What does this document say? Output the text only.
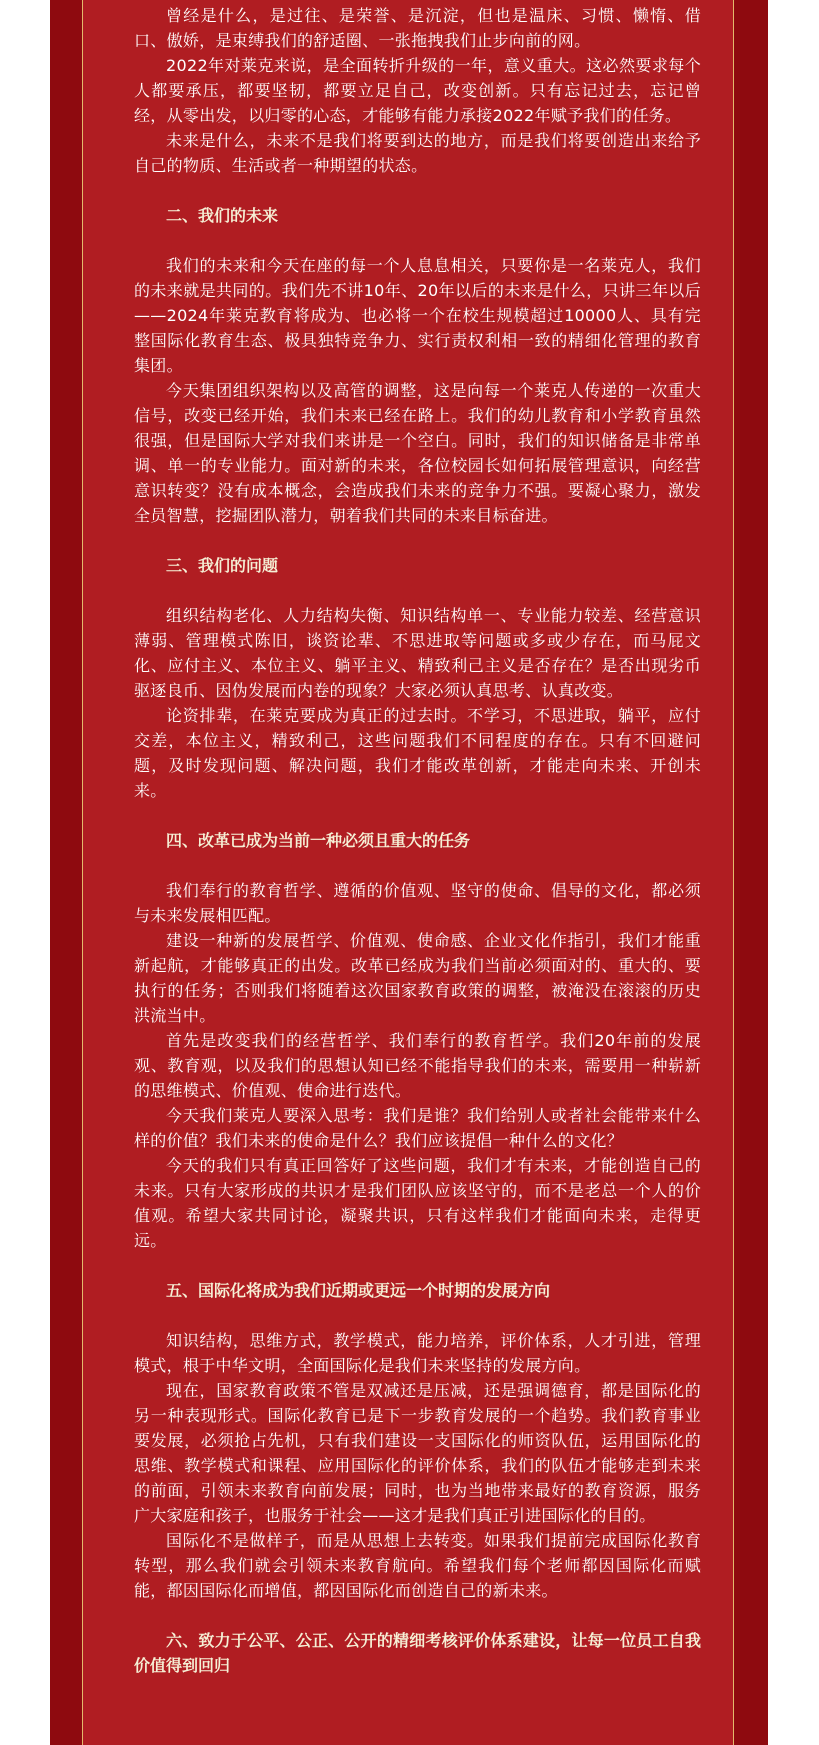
曾经是什么，是过往、是荣誉、是沉淀，但也是温床、习惯、懒惰、借口、傲娇，是束缚我们的舒适圈、一张拖拽我们止步向前的网。

2022年对莱克来说，是全面转折升级的一年，意义重大。这必然要求每个人都要承压，都要坚韧，都要立足自己，改变创新。只有忘记过去，忘记曾经，从零出发，以归零的心态，才能够有能力承接2022年赋予我们的任务。

未来是什么，未来不是我们将要到达的地方，而是我们将要创造出来给予自己的物质、生活或者一种期望的状态。

二、我们的未来

我们的未来和今天在座的每一个人息息相关，只要你是一名莱克人，我们的未来就是共同的。我们先不讲10年、20年以后的未来是什么，只讲三年以后——2024年莱克教育将成为、也必将一个在校生规模超过10000人、具有完整国际化教育生态、极具独特竞争力、实行责权利相一致的精细化管理的教育集团。

今天集团组织架构以及高管的调整，这是向每一个莱克人传递的一次重大信号，改变已经开始，我们未来已经在路上。我们的幼儿教育和小学教育虽然很强，但是国际大学对我们来讲是一个空白。同时，我们的知识储备是非常单调、单一的专业能力。面对新的未来，各位校园长如何拓展管理意识，向经营意识转变？没有成本概念，会造成我们未来的竞争力不强。要凝心聚力，激发全员智慧，挖掘团队潜力，朝着我们共同的未来目标奋进。

三、我们的问题

组织结构老化、人力结构失衡、知识结构单一、专业能力较差、经营意识薄弱、管理模式陈旧，谈资论辈、不思进取等问题或多或少存在，而马屁文化、应付主义、本位主义、躺平主义、精致利己主义是否存在？是否出现劣币驱逐良币、因伪发展而内卷的现象？大家必须认真思考、认真改变。

论资排辈，在莱克要成为真正的过去时。不学习，不思进取，躺平，应付交差，本位主义，精致利己，这些问题我们不同程度的存在。只有不回避问题，及时发现问题、解决问题，我们才能改革创新，才能走向未来、开创未来。

四、改革已成为当前一种必须且重大的任务

我们奉行的教育哲学、遵循的价值观、坚守的使命、倡导的文化，都必须与未来发展相匹配。

建设一种新的发展哲学、价值观、使命感、企业文化作指引，我们才能重新起航，才能够真正的出发。改革已经成为我们当前必须面对的、重大的、要执行的任务；否则我们将随着这次国家教育政策的调整，被淹没在滚滚的历史洪流当中。

首先是改变我们的经营哲学、我们奉行的教育哲学。我们20年前的发展观、教育观，以及我们的思想认知已经不能指导我们的未来，需要用一种崭新的思维模式、价值观、使命进行迭代。

今天我们莱克人要深入思考：我们是谁？我们给别人或者社会能带来什么样的价值？我们未来的使命是什么？我们应该提倡一种什么的文化？

今天的我们只有真正回答好了这些问题，我们才有未来，才能创造自己的未来。只有大家形成的共识才是我们团队应该坚守的，而不是老总一个人的价值观。希望大家共同讨论，凝聚共识，只有这样我们才能面向未来，走得更远。

五、国际化将成为我们近期或更远一个时期的发展方向

知识结构，思维方式，教学模式，能力培养，评价体系，人才引进，管理模式，根于中华文明，全面国际化是我们未来坚持的发展方向。

现在，国家教育政策不管是双减还是压减，还是强调德育，都是国际化的另一种表现形式。国际化教育已是下一步教育发展的一个趋势。我们教育事业要发展，必须抢占先机，只有我们建设一支国际化的师资队伍，运用国际化的思维、教学模式和课程、应用国际化的评价体系，我们的队伍才能够走到未来的前面，引领未来教育向前发展；同时，也为当地带来最好的教育资源，服务广大家庭和孩子，也服务于社会——这才是我们真正引进国际化的目的。

国际化不是做样子，而是从思想上去转变。如果我们提前完成国际化教育转型，那么我们就会引领未来教育航向。希望我们每个老师都因国际化而赋能，都因国际化而增值，都因国际化而创造自己的新未来。

六、致力于公平、公正、公开的精细考核评价体系建设，让每一位员工自我价值得到回归
